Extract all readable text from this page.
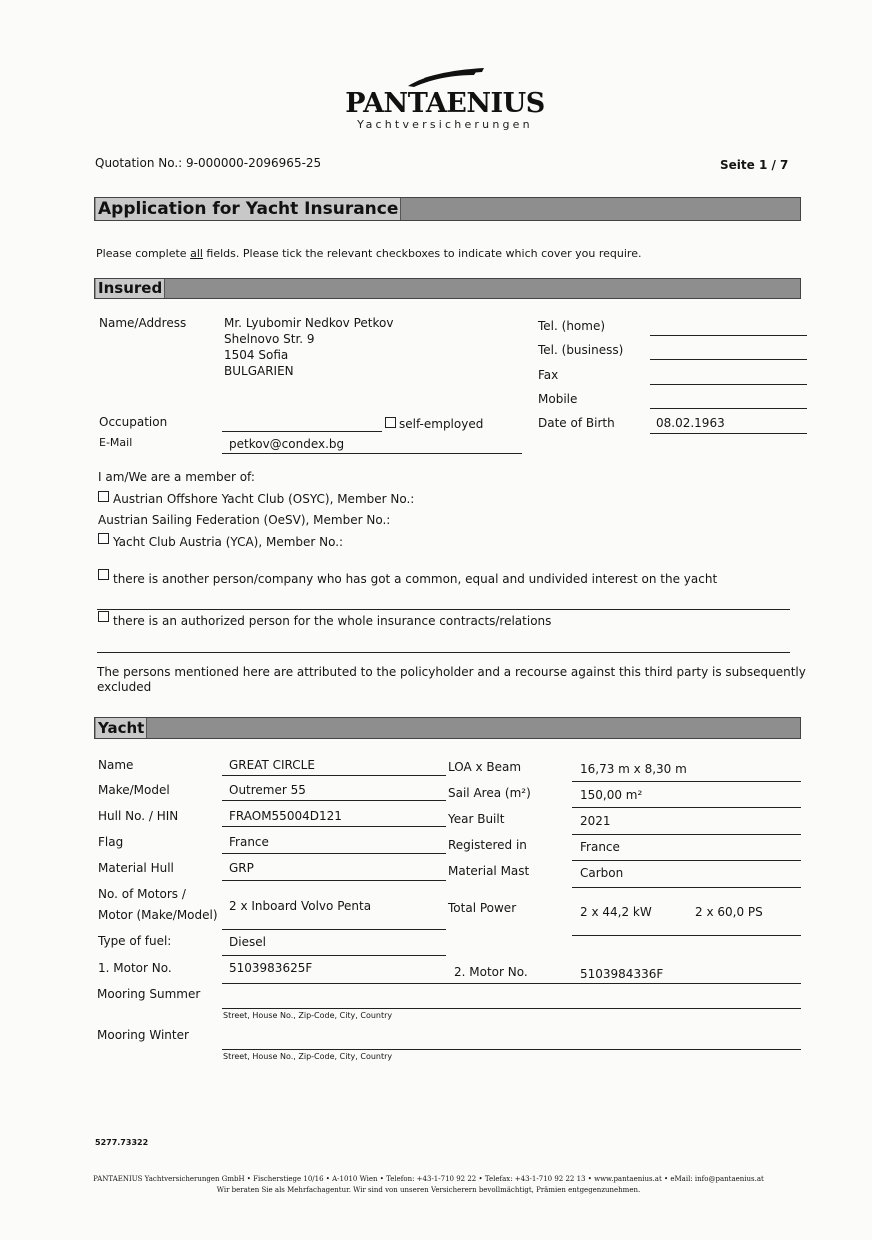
PANTAENIUS
Yachtversicherungen
Quotation No.: 9-000000-2096965-25	Seite 1 / 7
Application for Yacht Insurance
Please complete all fields. Please tick the relevant checkboxes to indicate which cover you require.
Insured
Name/Address	Mr. Lyubomir Nedkov Petkov
Shelnovo Str. 9
1504 Sofia
BULGARIEN
Tel. (home)
Tel. (business)
Fax
Mobile
Occupation	self-employed	Date of Birth	08.02.1963
E-Mail	petkov@condex.bg
I am/We are a member of:
Austrian Offshore Yacht Club (OSYC), Member No.:
Austrian Sailing Federation (OeSV), Member No.:
Yacht Club Austria (YCA), Member No.:
there is another person/company who has got a common, equal and undivided interest on the yacht
there is an authorized person for the whole insurance contracts/relations
The persons mentioned here are attributed to the policyholder and a recourse against this third party is subsequently
excluded
Yacht
Name	GREAT CIRCLE
Make/Model	Outremer 55
Hull No. / HIN	FRAOM55004D121
Flag	France
Material Hull	GRP
No. of Motors /
Motor (Make/Model)
2 x Inboard Volvo Penta
Type of fuel:	Diesel
1. Motor No.	5103983625F
LOA x Beam	16,73 m x 8,30 m
Sail Area (m²)	150,00 m²
Year Built	2021
Registered in	France
Material Mast	Carbon
Total Power	2 x 44,2 kW	2 x 60,0 PS
2. Motor No.	5103984336F
Mooring Summer
Street, House No., Zip-Code, City, Country
Mooring Winter
Street, House No., Zip-Code, City, Country
5277.73322
PANTAENIUS Yachtversicherungen GmbH • Fischerstiege 10/16 • A-1010 Wien • Telefon: +43-1-710 92 22 • Telefax: +43-1-710 92 22 13 • www.pantaenius.at • eMail: info@pantaenius.at
Wir beraten Sie als Mehrfachagentur. Wir sind von unseren Versicherern bevollmächtigt, Prämien entgegenzunehmen.
